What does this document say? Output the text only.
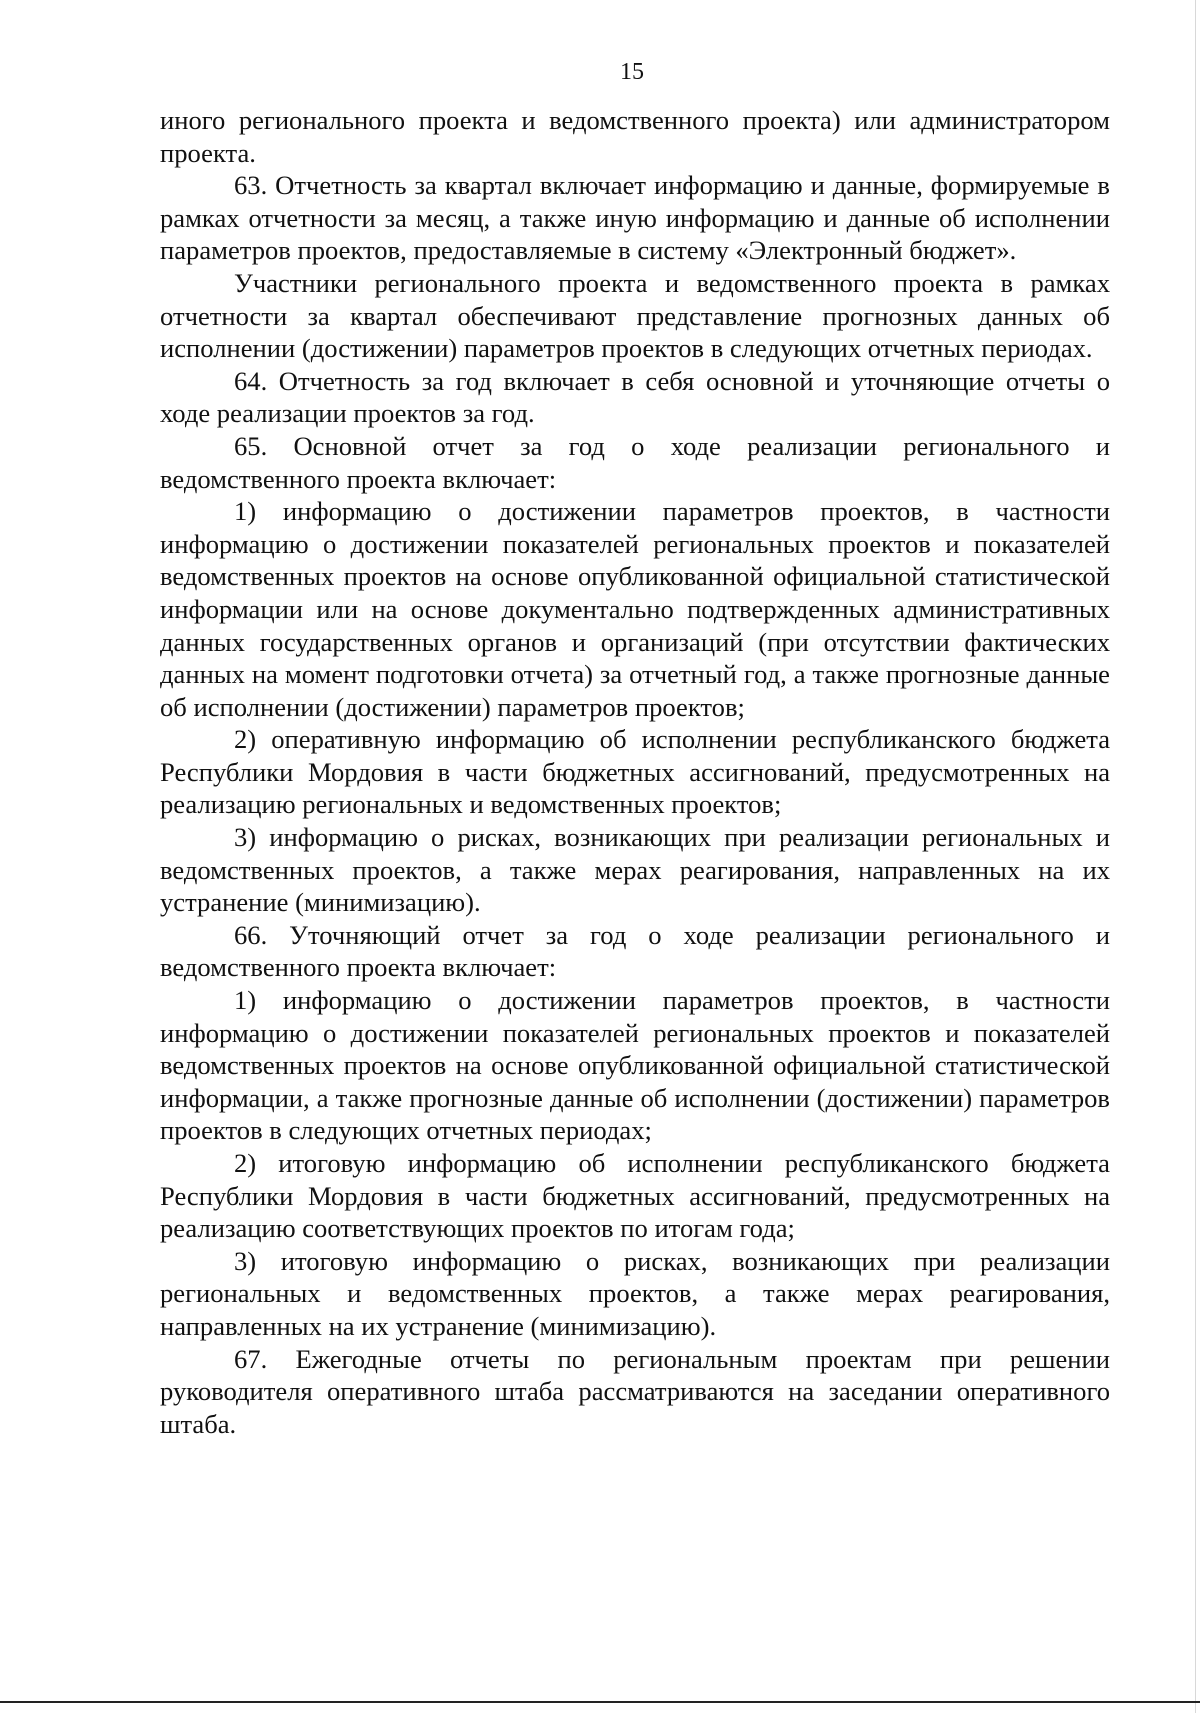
15

иного регионального проекта и ведомственного проекта) или администратором проекта.

63. Отчетность за квартал включает информацию и данные, формируемые в рамках отчетности за месяц, а также иную информацию и данные об исполнении параметров проектов, предоставляемые в систему «Электронный бюджет».

Участники регионального проекта и ведомственного проекта в рамках отчетности за квартал обеспечивают представление прогнозных данных об исполнении (достижении) параметров проектов в следующих отчетных периодах.

64. Отчетность за год включает в себя основной и уточняющие отчеты о ходе реализации проектов за год.

65. Основной отчет за год о ходе реализации регионального и ведомственного проекта включает:

1) информацию о достижении параметров проектов, в частности информацию о достижении показателей региональных проектов и показателей ведомственных проектов на основе опубликованной официальной статистической информации или на основе документально подтвержденных административных данных государственных органов и организаций (при отсутствии фактических данных на момент подготовки отчета) за отчетный год, а также прогнозные данные об исполнении (достижении) параметров проектов;

2) оперативную информацию об исполнении республиканского бюджета Республики Мордовия в части бюджетных ассигнований, предусмотренных на реализацию региональных и ведомственных проектов;

3) информацию о рисках, возникающих при реализации региональных и ведомственных проектов, а также мерах реагирования, направленных на их устранение (минимизацию).

66. Уточняющий отчет за год о ходе реализации регионального и ведомственного проекта включает:

1) информацию о достижении параметров проектов, в частности информацию о достижении показателей региональных проектов и показателей ведомственных проектов на основе опубликованной официальной статистической информации, а также прогнозные данные об исполнении (достижении) параметров проектов в следующих отчетных периодах;

2) итоговую информацию об исполнении республиканского бюджета Республики Мордовия в части бюджетных ассигнований, предусмотренных на реализацию соответствующих проектов по итогам года;

3) итоговую информацию о рисках, возникающих при реализации региональных и ведомственных проектов, а также мерах реагирования, направленных на их устранение (минимизацию).

67. Ежегодные отчеты по региональным проектам при решении руководителя оперативного штаба рассматриваются на заседании оперативного штаба.
